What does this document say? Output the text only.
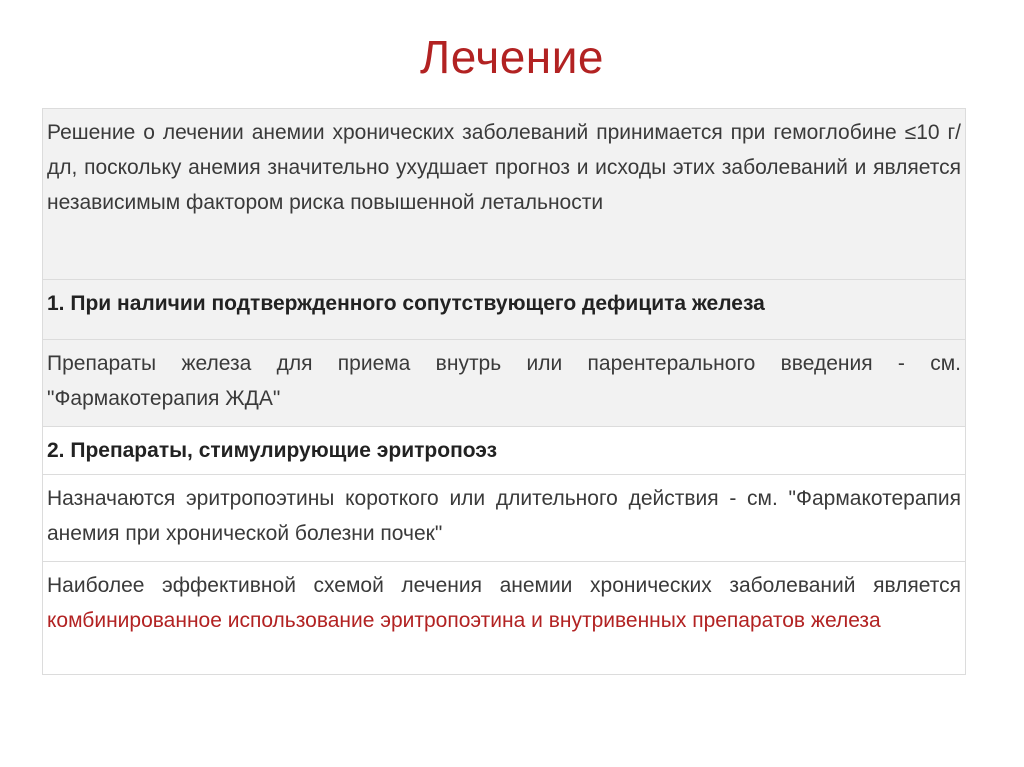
Лечение
Решение о лечении анемии хронических заболеваний принимается при гемоглобине ≤10 г/дл, поскольку анемия значительно ухудшает прогноз и исходы этих заболеваний и является независимым фактором риска повышенной летальности
1. При наличии подтвержденного сопутствующего дефицита железа
Препараты железа для приема внутрь или парентерального введения - см. "Фармакотерапия ЖДА"
2. Препараты, стимулирующие эритропоэз
Назначаются эритропоэтины короткого или длительного действия - см. "Фармакотерапия анемия при хронической болезни почек"
Наиболее эффективной схемой лечения анемии хронических заболеваний является комбинированное использование эритропоэтина и внутривенных препаратов железа
